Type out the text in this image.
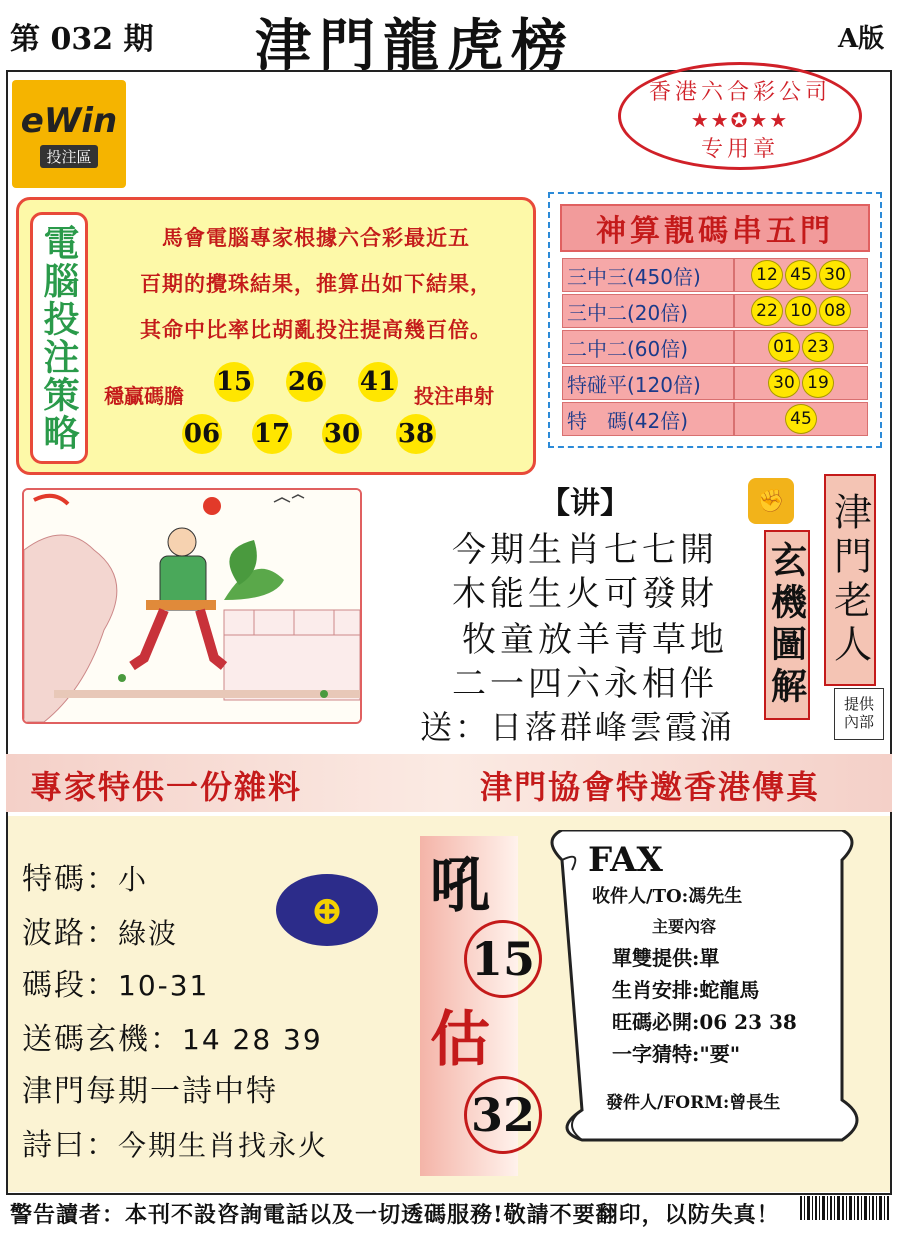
第 032 期 津門龍虎榜	A版
eWin
投注區
香港六合彩公司
★★✪★★
专用章
電腦投注策略	馬會電腦專家根據六合彩最近五
百期的攪珠結果，推算出如下結果，
其命中比率比胡亂投注提高幾百倍。
穩贏碼膽 15 26 41 投注串射
06 17 30 38
神算靚碼串五門
三中三(450倍)	12 45 30
三中二(20倍)	22 10 08
二中二(60倍)	01 23
特碰平(120倍)	30 19
特　碼(42倍)	45
【讲】
今期生肖七七開
木能生火可發財
牧童放羊青草地
二一四六永相伴
送：日落群峰雲霞涌
✊
玄機圖解 津門老人
提供
內部
專家特供一份雜料	津門協會特邀香港傳真
特碼：小
波路：綠波
碼段：10-31
送碼玄機：14 28 39
津門每期一詩中特
詩曰：今期生肖找永火
⊕ 吼
15
估
32
FAX
收件人/TO:馮先生
主要內容
單雙提供:單
生肖安排:蛇龍馬
旺碼必開:06 23 38
一字猜特:"要"
發件人/FORM:曾長生
警告讀者：本刊不設咨詢電話以及一切透碼服務!敬請不要翻印，以防失真！
